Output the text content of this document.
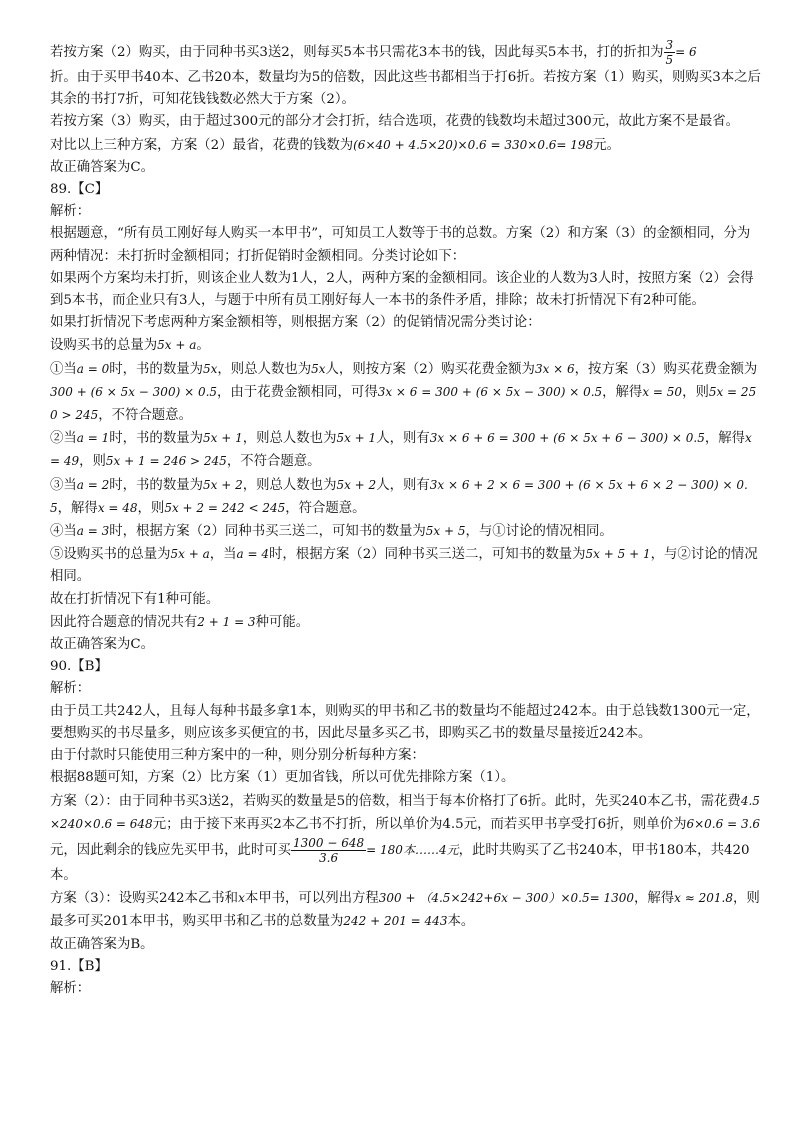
若按方案（2）购买，由于同种书买3送2，则每买5本书只需花3本书的钱，因此每买5本书，打的折扣为 $\frac{3}{5} = 6$

折。由于买甲书40本、乙书20本，数量均为5的倍数，因此这些书都相当于打6折。若按方案（1）购买，则购买3本之后其余的书打7折，可知花钱钱数必然大于方案（2）。

若按方案（3）购买，由于超过300元的部分才会打折，结合选项，花费的钱数均未超过300元，故此方案不是最省。

对比以上三种方案，方案（2）最省，花费的钱数为(6×40 + 4.5×20)×0.6 = 330×0.6= 198元。

故正确答案为C。

89.【C】

解析：

根据题意，“所有员工刚好每人购买一本甲书”，可知员工人数等于书的总数。方案（2）和方案（3）的金额相同，分为两种情况：未打折时金额相同；打折促销时金额相同。分类讨论如下：

如果两个方案均未打折，则该企业人数为1人，2人，两种方案的金额相同。该企业的人数为3人时，按照方案（2）会得到5本书，而企业只有3人，与题于中所有员工刚好每人一本书的条件矛盾，排除；故未打折情况下有2种可能。

如果打折情况下考虑两种方案金额相等，则根据方案（2）的促销情况需分类讨论：

设购买书的总量为5x + a。

①当a = 0时，书的数量为5x，则总人数也为5x人，则按方案（2）购买花费金额为3x × 6，按方案（3）购买花费金额为300 + (6 × 5x − 300) × 0.5，由于花费金额相同，可得3x × 6 = 300 + (6 × 5x − 300) × 0.5，解得x = 50，则5x = 250 > 245，不符合题意。

②当a = 1时，书的数量为5x + 1，则总人数也为5x + 1人，则有3x × 6 + 6 = 300 + (6 × 5x + 6 − 300) × 0.5，解得x = 49，则5x + 1 = 246 > 245，不符合题意。

③当a = 2时，书的数量为5x + 2，则总人数也为5x + 2人，则有3x × 6 + 2 × 6 = 300 + (6 × 5x + 6 × 2 − 300) × 0.5，解得x = 48，则5x + 2 = 242 < 245，符合题意。

④当a = 3时，根据方案（2）同种书买三送二，可知书的数量为5x + 5，与①讨论的情况相同。

⑤设购买书的总量为5x + a，当a = 4时，根据方案（2）同种书买三送二，可知书的数量为5x + 5 + 1，与②讨论的情况相同。

故在打折情况下有1种可能。

因此符合题意的情况共有2 + 1 = 3种可能。

故正确答案为C。

90.【B】

解析：

由于员工共242人，且每人每种书最多拿1本，则购买的甲书和乙书的数量均不能超过242本。由于总钱数1300元一定，要想购买的书尽量多，则应该多买便宜的书，因此尽量多买乙书，即购买乙书的数量尽量接近242本。

由于付款时只能使用三种方案中的一种，则分别分析每种方案：

根据88题可知，方案（2）比方案（1）更加省钱，所以可优先排除方案（1）。

方案（2）：由于同种书买3送2，若购买的数量是5的倍数，相当于每本价格打了6折。此时，先买240本乙书，需花费4.5×240×0.6 = 648元；由于接下来再买2本乙书不打折，所以单价为4.5元，而若买甲书享受打6折，则单价为6×0.6 = 3.6元，因此剩余的钱应先买甲书，此时可买 $\frac{1300 - 648}{3.6} = 180$本……4元，此时共购买了乙书240本，甲书180本，共420本。

方案（3）：设购买242本乙书和x本甲书，可以列出方程300 + （4.5×242+6x − 300）×0.5= 1300，解得x ≈ 201.8，则最多可买201本甲书，购买甲书和乙书的总数量为242 + 201 = 443本。

故正确答案为B。

91.【B】

解析：
